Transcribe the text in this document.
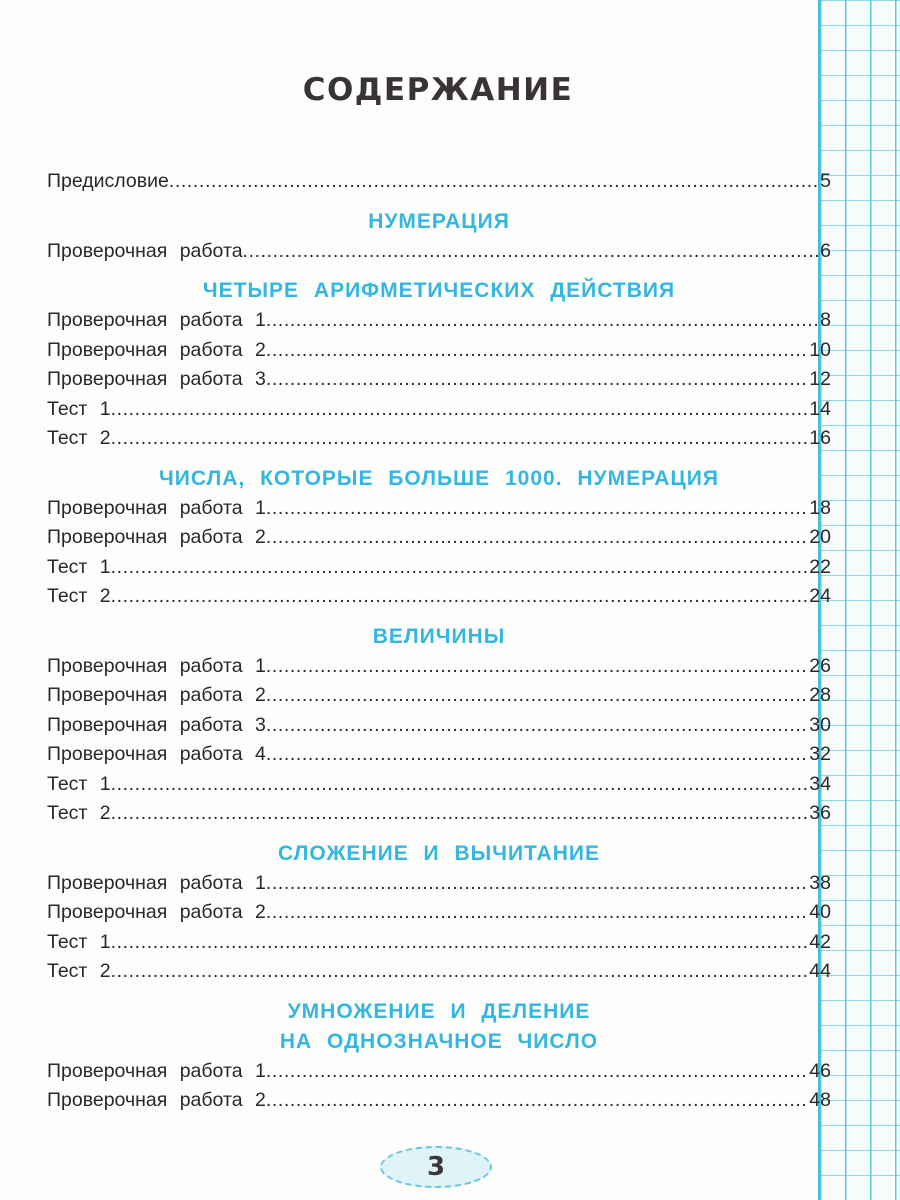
СОДЕРЖАНИЕ
Предисловие .....	5
НУМЕРАЦИЯ
Проверочная работа .....	6
ЧЕТЫРЕ АРИФМЕТИЧЕСКИХ ДЕЙСТВИЯ
Проверочная работа 1 .....	8
Проверочная работа 2 .....	10
Проверочная работа 3 .....	12
Тест 1 .....	14
Тест 2 .....	16
ЧИСЛА, КОТОРЫЕ БОЛЬШЕ 1000. НУМЕРАЦИЯ
Проверочная работа 1 .....	18
Проверочная работа 2 .....	20
Тест 1 .....	22
Тест 2 .....	24
ВЕЛИЧИНЫ
Проверочная работа 1 .....	26
Проверочная работа 2 .....	28
Проверочная работа 3 .....	30
Проверочная работа 4 .....	32
Тест 1 .....	34
Тест 2 .....	36
СЛОЖЕНИЕ И ВЫЧИТАНИЕ
Проверочная работа 1 .....	38
Проверочная работа 2 .....	40
Тест 1 .....	42
Тест 2 .....	44
УМНОЖЕНИЕ И ДЕЛЕНИЕ
НА ОДНОЗНАЧНОЕ ЧИСЛО
Проверочная работа 1 .....	46
Проверочная работа 2 .....	48
3
